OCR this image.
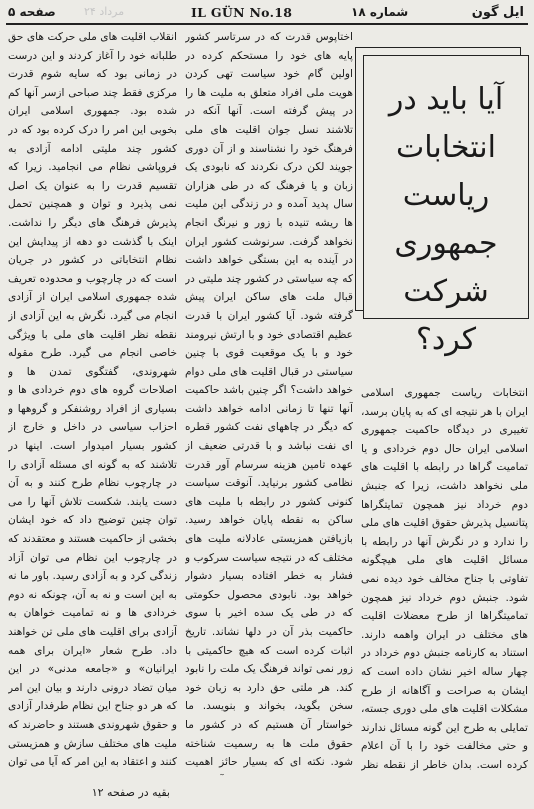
صفحه ۵	۲۴ مرداد	IL GÜN No.18	شماره ۱۸	ایل گون
آیا باید در انتخابات ریاست جمهوری شرکت کرد؟

انتخابات ریاست جمهوری اسلامی ایران با هر نتیجه ای که به پایان برسد، تغییری در دیدگاه حاکمیت جمهوری اسلامی ایران حال دوم خردادی و یا تمامیت گراها در رابطه با اقلیت های ملی نخواهد داشت، زیرا که جنبش دوم خرداد نیز همچون تمایتگراها پتانسیل پذیرش حقوق اقلیت های ملی را ندارد و در نگرش آنها در رابطه با مسائل اقلیت های ملی هیچگونه تفاوتی با جناح مخالف خود دیده نمی شود. جنبش دوم خرداد نیز همچون تمامیتگراها از طرح معضلات اقلیت های مختلف در ایران واهمه دارند. استناد به کارنامه جنبش دوم خرداد در چهار ساله اخیر نشان داده است که ایشان به صراحت و آگاهانه از طرح مشکلات اقلیت های ملی دوری جسته، تمایلی به طرح این گونه مسائل ندارند و حتی مخالفت خود را با آن اعلام کرده است. بدان خاطر از نقطه نظر

اختاپوس قدرت که در سرتاسر کشور پایه های خود را مستحکم کرده در اولین گام خود سیاست تهی کردن هویت ملی افراد متعلق به ملیت ها را در پیش گرفته است. آنها آنکه در تلاشند نسل جوان اقلیت های ملی فرهنگ خود را نشناسند و از آن دوری جویند لکن درک نکردند که نابودی یک زبان و یا فرهنگ که در طی هزاران سال پدید آمده و در زندگی این ملیت ها ریشه تنیده با زور و نیرنگ انجام نخواهد گرفت. سرنوشت کشور ایران در آینده به این بستگی خواهد داشت که چه سیاستی در کشور چند ملیتی در قبال ملت های ساکن ایران پیش گرفته شود. آیا کشور ایران با قدرت عظیم اقتصادی خود و با ارتش نیرومند خود و با یک موقعیت قوی با چنین سیاستی در قبال اقلیت های ملی دوام خواهد داشت؟ اگر چنین باشد حاکمیت آنها تنها تا زمانی ادامه خواهد داشت که دیگر در چاههای نفت کشور قطره ای نفت نباشد و با قدرتی ضعیف از عهده تامین هزینه سرسام آور قدرت نظامی کشور برنیاید. آنوقت سیاست کنونی کشور در رابطه با ملیت های ساکن به نقطه پایان خواهد رسید. بازیافتن همزیستی عادلانه ملیت های مختلف که در نتیجه سیاست سرکوب و فشار به خطر افتاده بسیار دشوار خواهد بود. نابودی محصول حکومتی که در طی یک سده اخیر با سوی حاکمیت بذر آن در دلها نشاند. تاریخ اثبات کرده است که هیچ حاکمیتی با زور نمی تواند فرهنگ یک ملت را نابود کند. هر ملتی حق دارد به زبان خود سخن بگوید، بخواند و بنویسد. ما خواستار آن هستیم که در کشور ما حقوق ملت ها به رسمیت شناخته شود. نکته ای که بسیار حائز اهمیت

انقلاب اقلیت های ملی حرکت های حق طلبانه خود را آغاز کردند و این درست در زمانی بود که سایه شوم قدرت مرکزی فقط چند صباحی ازسر آنها کم شده بود. جمهوری اسلامی ایران بخوبی این امر را درک کرده بود که در کشور چند ملیتی ادامه آزادی به فروپاشی نظام می انجامید. زیرا که تقسیم قدرت را به عنوان یک اصل نمی پذیرد و توان و همچنین تحمل پذیرش فرهنگ های دیگر را نداشت. اینک با گذشت دو دهه از پیدایش این نظام انتخاباتی در کشور در جریان است که در چارچوب و محدوده تعریف شده جمهوری اسلامی ایران از آزادی انجام می گیرد. نگرش به این آزادی از نقطه نظر اقلیت های ملی با ویژگی خاصی انجام می گیرد. طرح مقوله شهروندی، گفتگوی تمدن ها و اصلاحات گروه های دوم خردادی ها و بسیاری از افراد روشنفکر و گروهها و احزاب سیاسی در داخل و خارج از کشور بسیار امیدوار است. اینها در تلاشند که به گونه ای مسئله آزادی را در چارچوب نظام طرح کنند و به آن دست یابند. شکست تلاش آنها را می توان چنین توضیح داد که خود ایشان بخشی از حاکمیت هستند و معتقدند که در چارچوب این نظام می توان آزاد زندگی کرد و به آزادی رسید. باور ما نه به این است و نه به آن، چونکه نه دوم خردادی ها و نه تمامیت خواهان به آزادی برای اقلیت های ملی تن خواهند داد. طرح شعار «ایران برای همه ایرانیان» و «جامعه مدنی» در این میان تضاد درونی دارند و بیان این امر که هر دو جناح این نظام طرفدار آزادی و حقوق شهروندی هستند و حاضرند که ملیت های مختلف سازش و همزیستی کنند و اعتقاد به این امر که آیا می توان

بقیه در صفحه ۱۲
